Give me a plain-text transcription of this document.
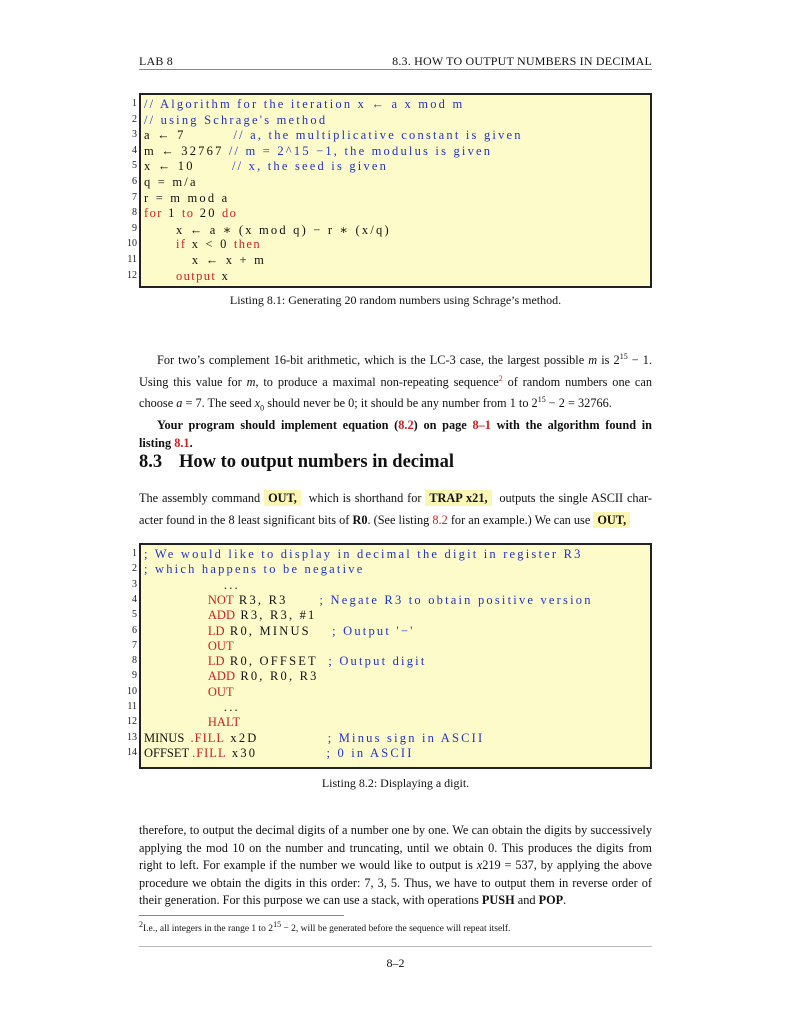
LAB 8	8.3. HOW TO OUTPUT NUMBERS IN DECIMAL
1 // Algorithm for the iteration x ← a x mod m
2 // using Schrage's method
3 a ← 7         // a, the multiplicative constant is given
4 m ← 32767 // m = 2^15 −1, the modulus is given
5 x ← 10       // x, the seed is given
6 q = m/a
7 r = m mod a
8 for 1 to 20 do
9 x ← a ∗ (x mod q) − r ∗ (x/q)
10	if x < 0 then
11 x ← x + m
12	output x
Listing 8.1: Generating 20 random numbers using Schrage’s method.

For two’s complement 16-bit arithmetic, which is the LC-3 case, the largest possible m is $2^{15} - 1$. Using this value for m, to produce a maximal non-repeating sequence$^2$ of random numbers one can choose a = 7. The seed $x_0$ should never be 0; it should be any number from 1 to $2^{15} - 2 = 32766$.

Your program should implement equation (8.2) on page 8–1 with the algorithm found in listing 8.1.

8.3 How to output numbers in decimal

The assembly command OUT,  which is shorthand for TRAP x21,  outputs the single ASCII char- acter found in the 8 least significant bits of R0. (See listing 8.2 for an example.) We can use OUT,

1 ; We would like to display in decimal the digit in register R3
2 ; which happens to be negative
3 ...
4	NOT R3, R3      ; Negate R3 to obtain positive version
5	ADD R3, R3, #1
6	LD R0, MINUS    ; Output '−'
7	OUT
8	LD R0, OFFSET  ; Output digit
9	ADD R0, R0, R3
10	OUT
11 ...
12	HALT
13 MINUS  .FILL x2D             ; Minus sign in ASCII
14 OFFSET .FILL x30             ; 0 in ASCII
Listing 8.2: Displaying a digit.

therefore, to output the decimal digits of a number one by one. We can obtain the digits by successively applying the mod 10 on the number and truncating, until we obtain 0. This produces the digits from right to left. For example if the number we would like to output is x219 = 537, by applying the above procedure we obtain the digits in this order: 7, 3, 5. Thus, we have to output them in reverse order of their generation. For this purpose we can use a stack, with operations PUSH and POP.

$^2$I.e., all integers in the range 1 to $2^{15} - 2$, will be generated before the sequence will repeat itself.
8–2
